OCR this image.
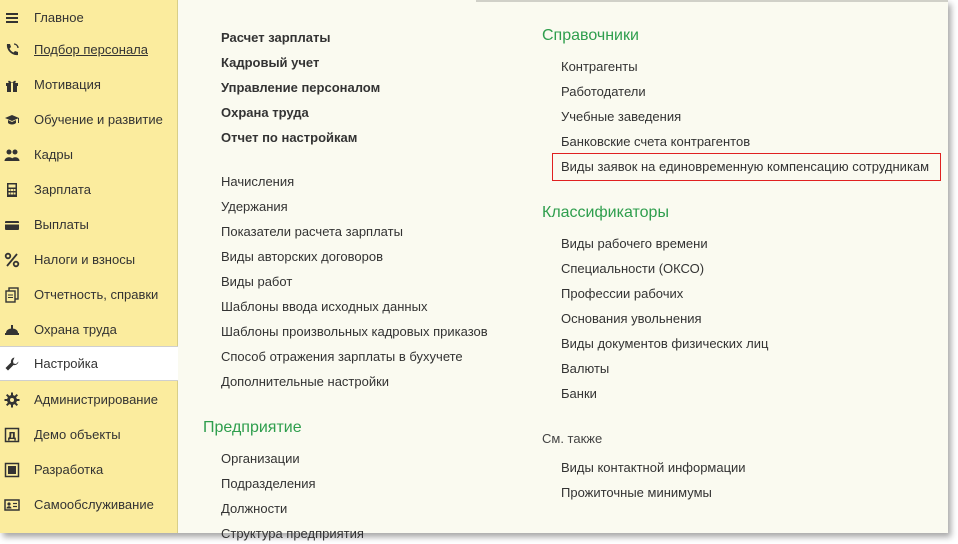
Главное
Подбор персонала
Мотивация
Обучение и развитие
Кадры
Зарплата
Выплаты
Налоги и взносы
Отчетность, справки
Охрана труда
Настройка
Администрирование
Д Демо объекты
Разработка
Самообслуживание
Расчет зарплаты
Кадровый учет
Управление персоналом
Охрана труда
Отчет по настройкам
Начисления
Удержания
Показатели расчета зарплаты
Виды авторских договоров
Виды работ
Шаблоны ввода исходных данных
Шаблоны произвольных кадровых приказов
Способ отражения зарплаты в бухучете
Дополнительные настройки
Предприятие
Организации
Подразделения
Должности
Структура предприятия
Справочники
Контрагенты
Работодатели
Учебные заведения
Банковские счета контрагентов
Виды заявок на единовременную компенсацию сотрудникам
Классификаторы
Виды рабочего времени
Специальности (ОКСО)
Профессии рабочих
Основания увольнения
Виды документов физических лиц
Валюты
Банки
См. также
Виды контактной информации
Прожиточные минимумы
